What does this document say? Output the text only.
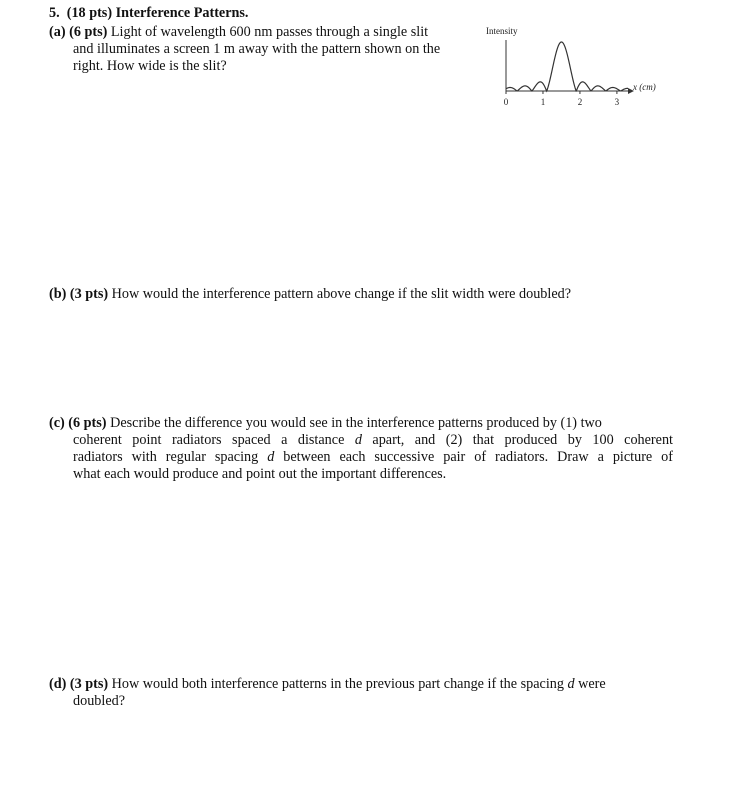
5. (18 pts) Interference Patterns.
(a) (6 pts) Light of wavelength 600 nm passes through a single slit
and illuminates a screen 1 m away with the pattern shown on the
right. How wide is the slit?
Intensity
x (cm)
0	1	2	3
(b) (3 pts) How would the interference pattern above change if the slit width were doubled?
(c) (6 pts) Describe the difference you would see in the interference patterns produced by (1) two
coherent point radiators spaced a distance d apart, and (2) that produced by 100 coherent
radiators with regular spacing d between each successive pair of radiators. Draw a picture of
what each would produce and point out the important differences.
(d) (3 pts) How would both interference patterns in the previous part change if the spacing d were
doubled?
